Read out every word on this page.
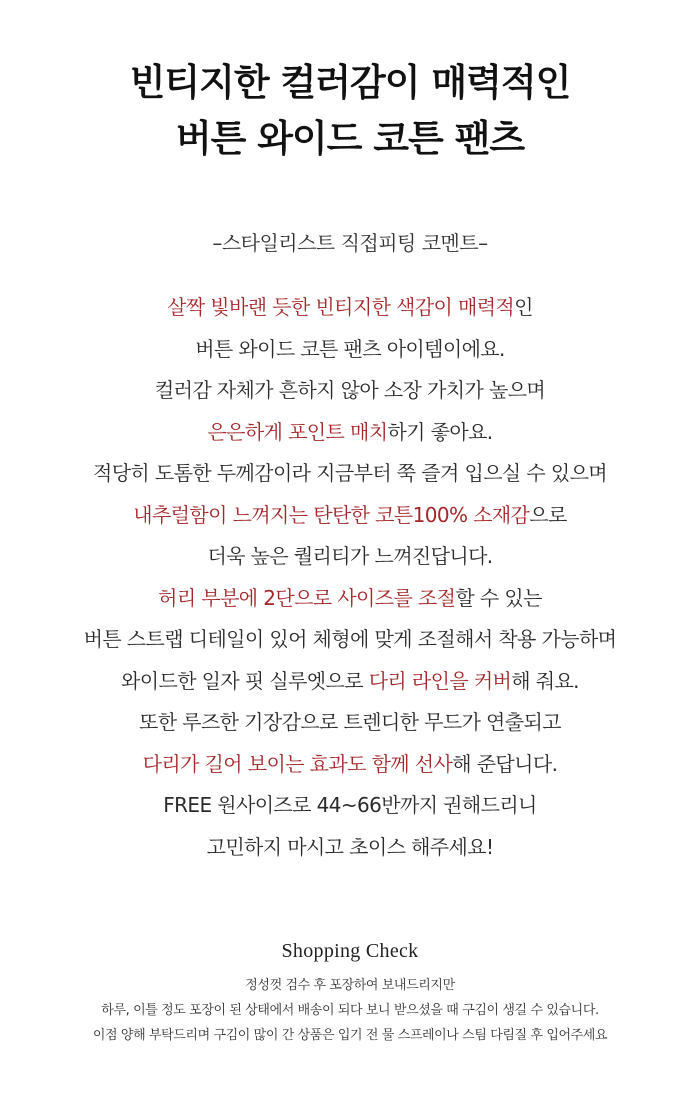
빈티지한 컬러감이 매력적인
버튼 와이드 코튼 팬츠
–스타일리스트 직접피팅 코멘트–
살짝 빛바랜 듯한 빈티지한 색감이 매력적인
버튼 와이드 코튼 팬츠 아이템이에요.
컬러감 자체가 흔하지 않아 소장 가치가 높으며
은은하게 포인트 매치하기 좋아요.
적당히 도톰한 두께감이라 지금부터 쭉 즐겨 입으실 수 있으며
내추럴함이 느껴지는 탄탄한 코튼100% 소재감으로
더욱 높은 퀄리티가 느껴진답니다.
허리 부분에 2단으로 사이즈를 조절할 수 있는
버튼 스트랩 디테일이 있어 체형에 맞게 조절해서 착용 가능하며
와이드한 일자 핏 실루엣으로 다리 라인을 커버해 줘요.
또한 루즈한 기장감으로 트렌디한 무드가 연출되고
다리가 길어 보이는 효과도 함께 선사해 준답니다.
FREE 원사이즈로 44~66반까지 권해드리니
고민하지 마시고 초이스 해주세요!
Shopping Check
정성껏 검수 후 포장하여 보내드리지만
하루, 이틀 정도 포장이 된 상태에서 배송이 되다 보니 받으셨을 때 구김이 생길 수 있습니다.
이점 양해 부탁드리며 구김이 많이 간 상품은 입기 전 물 스프레이나 스팀 다림질 후 입어주세요
